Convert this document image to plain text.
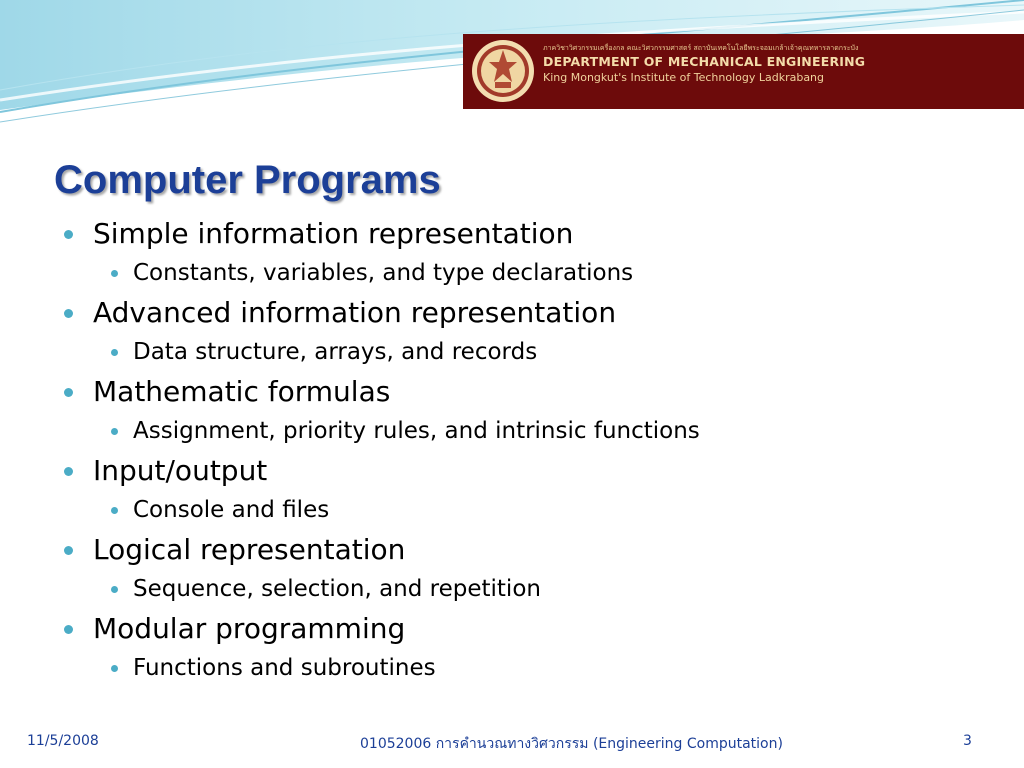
ภาควิชาวิศวกรรมเครื่องกล คณะวิศวกรรมศาสตร์ สถาบันเทคโนโลยีพระจอมเกล้าเจ้าคุณทหารลาดกระบัง
DEPARTMENT OF MECHANICAL ENGINEERING
King Mongkut's Institute of Technology Ladkrabang
Computer Programs
Simple information representation
Constants, variables, and type declarations
Advanced information representation
Data structure, arrays, and records
Mathematic formulas
Assignment, priority rules, and intrinsic functions
Input/output
Console and files
Logical representation
Sequence, selection, and repetition
Modular programming
Functions and subroutines
11/5/2008	01052006 การคำนวณทางวิศวกรรม (Engineering Computation)	3
